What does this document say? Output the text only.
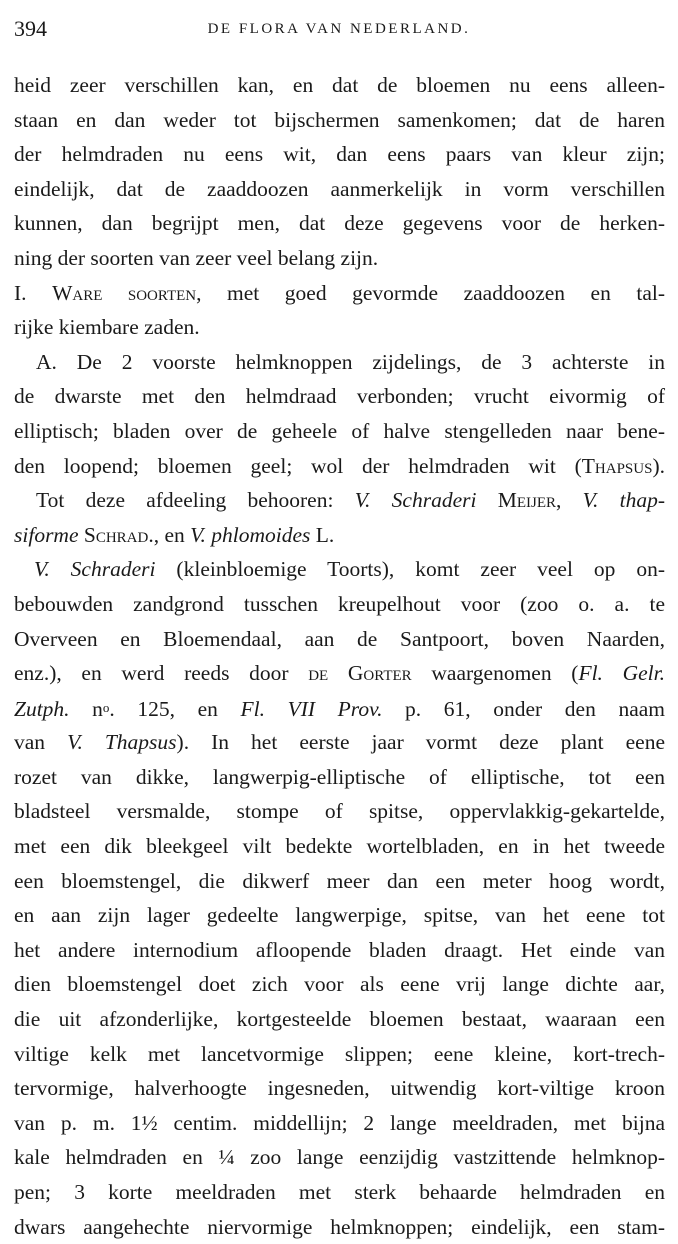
394	DE FLORA VAN NEDERLAND.
heid zeer verschillen kan, en dat de bloemen nu eens alleen-
staan en dan weder tot bijschermen samenkomen; dat de haren
der helmdraden nu eens wit, dan eens paars van kleur zijn;
eindelijk, dat de zaaddoozen aanmerkelijk in vorm verschillen
kunnen, dan begrijpt men, dat deze gegevens voor de herken-
ning der soorten van zeer veel belang zijn.
I. Ware soorten, met goed gevormde zaaddoozen en tal-
rijke kiembare zaden.
A. De 2 voorste helmknoppen zijdelings, de 3 achterste in
de dwarste met den helmdraad verbonden; vrucht eivormig of
elliptisch; bladen over de geheele of halve stengelleden naar bene-
den loopend; bloemen geel; wol der helmdraden wit (Thapsus).
Tot deze afdeeling behooren: V. Schraderi Meijer, V. thap-
siforme Schrad., en V. phlomoides L.
V. Schraderi (kleinbloemige Toorts), komt zeer veel op on-
bebouwden zandgrond tusschen kreupelhout voor (zoo o. a. te
Overveen en Bloemendaal, aan de Santpoort, boven Naarden,
enz.), en werd reeds door de Gorter waargenomen (Fl. Gelr.
Zutph. $n^o$. 125, en Fl. VII Prov. p. 61, onder den naam
van V. Thapsus). In het eerste jaar vormt deze plant eene
rozet van dikke, langwerpig-elliptische of elliptische, tot een
bladsteel versmalde, stompe of spitse, oppervlakkig-gekartelde,
met een dik bleekgeel vilt bedekte wortelbladen, en in het tweede
een bloemstengel, die dikwerf meer dan een meter hoog wordt,
en aan zijn lager gedeelte langwerpige, spitse, van het eene tot
het andere internodium afloopende bladen draagt. Het einde van
dien bloemstengel doet zich voor als eene vrij lange dichte aar,
die uit afzonderlijke, kortgesteelde bloemen bestaat, waaraan een
viltige kelk met lancetvormige slippen; eene kleine, kort-trech-
tervormige, halverhoogte ingesneden, uitwendig kort-viltige kroon
van p. m. 1½ centim. middellijn; 2 lange meeldraden, met bijna
kale helmdraden en ¼ zoo lange eenzijdig vastzittende helmknop-
pen; 3 korte meeldraden met sterk behaarde helmdraden en
dwars aangehechte niervormige helmknoppen; eindelijk, een stam-
